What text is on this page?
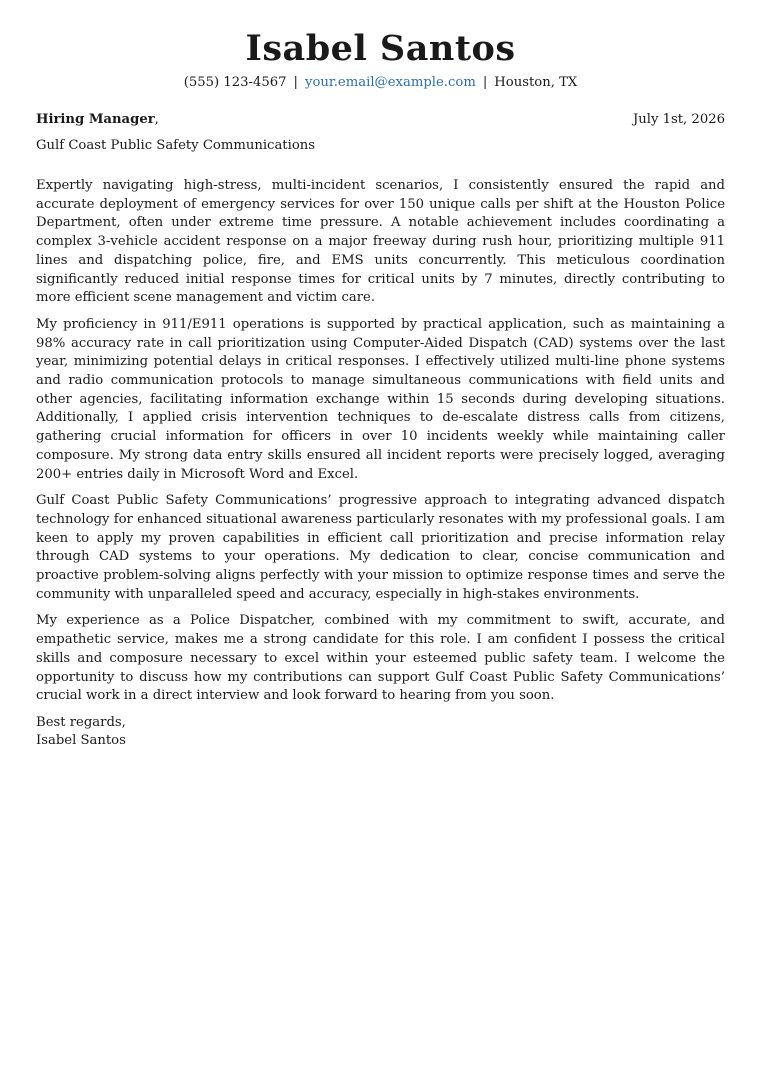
Isabel Santos
(555) 123-4567 | your.email@example.com | Houston, TX
Hiring Manager,	July 1st, 2026
Gulf Coast Public Safety Communications

Expertly navigating high-stress, multi-incident scenarios, I consistently ensured the rapid and accurate deployment of emergency services for over 150 unique calls per shift at the Houston Police Department, often under extreme time pressure. A notable achievement includes coordinating a complex 3-vehicle accident response on a major freeway during rush hour, prioritizing multiple 911 lines and dispatching police, fire, and EMS units concurrently. This meticulous coordination significantly reduced initial response times for critical units by 7 minutes, directly contributing to more efficient scene management and victim care.

My proficiency in 911/E911 operations is supported by practical application, such as maintaining a 98% accuracy rate in call prioritization using Computer-Aided Dispatch (CAD) systems over the last year, minimizing potential delays in critical responses. I effectively utilized multi-line phone systems and radio communication protocols to manage simultaneous communications with field units and other agencies, facilitating information exchange within 15 seconds during developing situations. Additionally, I applied crisis intervention techniques to de-escalate distress calls from citizens, gathering crucial information for officers in over 10 incidents weekly while maintaining caller composure. My strong data entry skills ensured all incident reports were precisely logged, averaging 200+ entries daily in Microsoft Word and Excel.

Gulf Coast Public Safety Communications’ progressive approach to integrating advanced dispatch technology for enhanced situational awareness particularly resonates with my professional goals. I am keen to apply my proven capabilities in efficient call prioritization and precise information relay through CAD systems to your operations. My dedication to clear, concise communication and proactive problem-solving aligns perfectly with your mission to optimize response times and serve the community with unparalleled speed and accuracy, especially in high-stakes environments.

My experience as a Police Dispatcher, combined with my commitment to swift, accurate, and empathetic service, makes me a strong candidate for this role. I am confident I possess the critical skills and composure necessary to excel within your esteemed public safety team. I welcome the opportunity to discuss how my contributions can support Gulf Coast Public Safety Communications’ crucial work in a direct interview and look forward to hearing from you soon.

Best regards,
Isabel Santos
